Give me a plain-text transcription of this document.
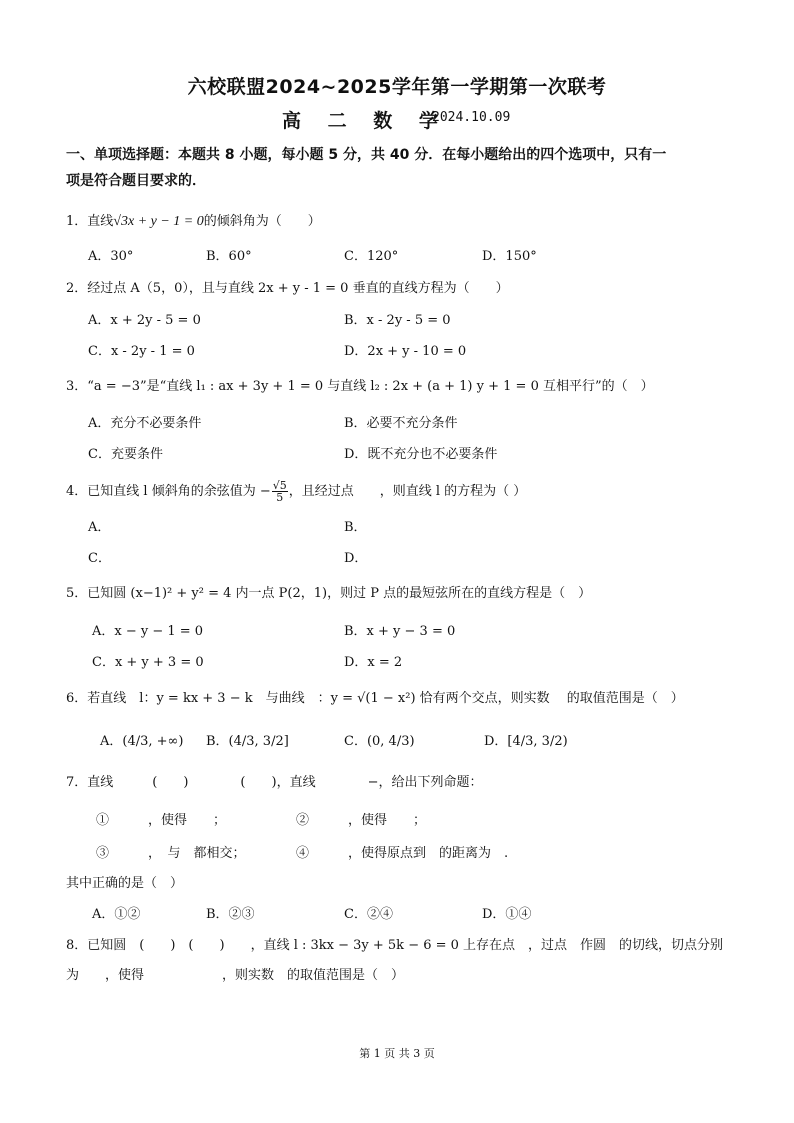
六校联盟2024~2025学年第一学期第一次联考
高 二 数 学
2024.10.09
一、单项选择题：本题共 8 小题，每小题 5 分，共 40 分．在每小题给出的四个选项中，只有一
项是符合题目要求的．
1．直线√3x + y − 1 = 0的倾斜角为（　　）
A．30°	B．60°	C．120°	D．150°
2．经过点 A（5，0），且与直线 2x + y - 1 = 0 垂直的直线方程为（　　）
A．x + 2y - 5 = 0	B．x - 2y - 5 = 0
C．x - 2y - 1 = 0	D．2x + y - 10 = 0
3．“a = −3”是“直线 l₁ : ax + 3y + 1 = 0 与直线 l₂ : 2x + (a + 1) y + 1 = 0 互相平行”的（　）
A．充分不必要条件	B．必要不充分条件
C．充要条件	D．既不充分也不必要条件
4．已知直线 l 倾斜角的余弦值为 − $\frac{√5}{5}$ ，且经过点　　，则直线 l 的方程为（ ）
A．	B．
C．	D．
5．已知圆 (x−1)² + y² = 4 内一点 P(2，1)，则过 P 点的最短弦所在的直线方程是（　）
A．x − y − 1 = 0	B．x + y − 3 = 0
C．x + y + 3 = 0	D．x = 2
6．若直线　l：y = kx + 3 − k　与曲线　：y = √(1 − x²) 恰有两个交点，则实数　 的取值范围是（　）
A．(4/3, +∞) B．(4/3, 3/2]	C．(0, 4/3)	D．[4/3, 3/2)
7．直线　　　(　　)　　　　(　　)，直线　　　　−，给出下列命题：
①　　　，使得　　；	②　　　，使得　　；
③　　　，　与　都相交；	④　　　，使得原点到　的距离为　.
其中正确的是（　）
A．①②	B．②③	C．②④	D．①④
8．已知圆　(　　)　(　　)　　，直线 l : 3kx − 3y + 5k − 6 = 0 上存在点　，过点　作圆　的切线，切点分别
为　　，使得　　　　　　，则实数　的取值范围是（　）
第 1 页 共 3 页
